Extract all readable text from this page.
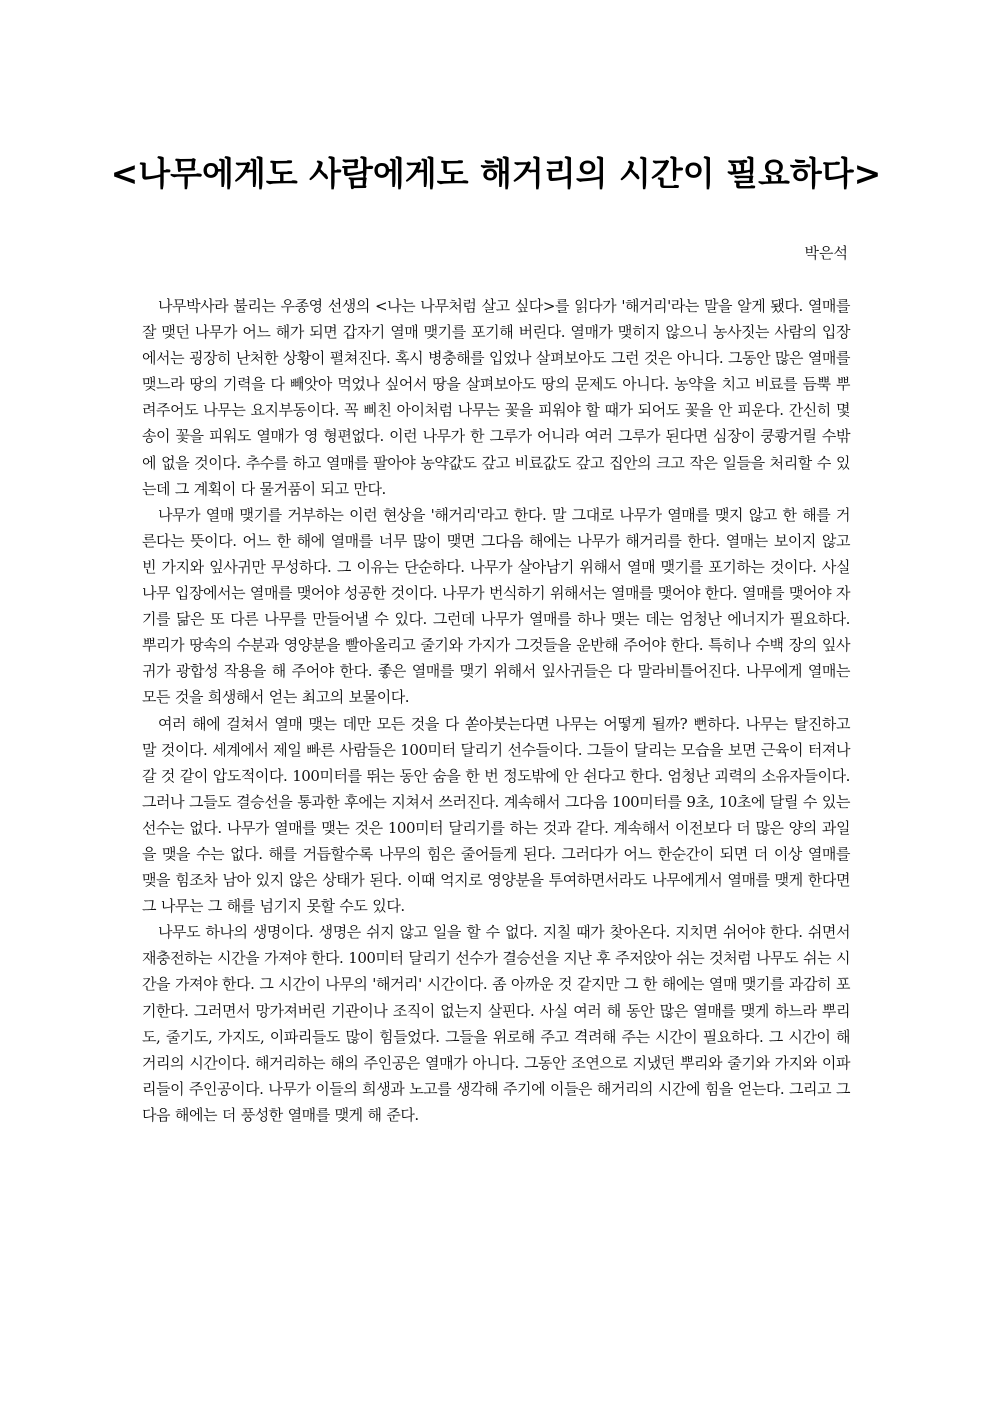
<나무에게도 사람에게도 해거리의 시간이 필요하다>
박은석

나무박사라 불리는 우종영 선생의 <나는 나무처럼 살고 싶다>를 읽다가 '해거리'라는 말을 알게 됐다. 열매를 잘 맺던 나무가 어느 해가 되면 갑자기 열매 맺기를 포기해 버린다. 열매가 맺히지 않으니 농사짓는 사람의 입장에서는 굉장히 난처한 상황이 펼쳐진다. 혹시 병충해를 입었나 살펴보아도 그런 것은 아니다. 그동안 많은 열매를 맺느라 땅의 기력을 다 빼앗아 먹었나 싶어서 땅을 살펴보아도 땅의 문제도 아니다. 농약을 치고 비료를 듬뿍 뿌려주어도 나무는 요지부동이다. 꼭 삐친 아이처럼 나무는 꽃을 피워야 할 때가 되어도 꽃을 안 피운다. 간신히 몇 송이 꽃을 피워도 열매가 영 형편없다. 이런 나무가 한 그루가 어니라 여러 그루가 된다면 심장이 쿵쾅거릴 수밖에 없을 것이다. 추수를 하고 열매를 팔아야 농약값도 갚고 비료값도 갚고 집안의 크고 작은 일들을 처리할 수 있는데 그 계획이 다 물거품이 되고 만다.

나무가 열매 맺기를 거부하는 이런 현상을 '해거리'라고 한다. 말 그대로 나무가 열매를 맺지 않고 한 해를 거른다는 뜻이다. 어느 한 해에 열매를 너무 많이 맺면 그다음 해에는 나무가 해거리를 한다. 열매는 보이지 않고 빈 가지와 잎사귀만 무성하다. 그 이유는 단순하다. 나무가 살아남기 위해서 열매 맺기를 포기하는 것이다. 사실 나무 입장에서는 열매를 맺어야 성공한 것이다. 나무가 번식하기 위해서는 열매를 맺어야 한다. 열매를 맺어야 자기를 닮은 또 다른 나무를 만들어낼 수 있다. 그런데 나무가 열매를 하나 맺는 데는 엄청난 에너지가 필요하다. 뿌리가 땅속의 수분과 영양분을 빨아올리고 줄기와 가지가 그것들을 운반해 주어야 한다. 특히나 수백 장의 잎사귀가 광합성 작용을 해 주어야 한다. 좋은 열매를 맺기 위해서 잎사귀들은 다 말라비틀어진다. 나무에게 열매는 모든 것을 희생해서 얻는 최고의 보물이다.

여러 해에 걸쳐서 열매 맺는 데만 모든 것을 다 쏟아붓는다면 나무는 어떻게 될까? 뻔하다. 나무는 탈진하고 말 것이다. 세계에서 제일 빠른 사람들은 100미터 달리기 선수들이다. 그들이 달리는 모습을 보면 근육이 터져나갈 것 같이 압도적이다. 100미터를 뛰는 동안 숨을 한 번 정도밖에 안 쉰다고 한다. 엄청난 괴력의 소유자들이다. 그러나 그들도 결승선을 통과한 후에는 지쳐서 쓰러진다. 계속해서 그다음 100미터를 9초, 10초에 달릴 수 있는 선수는 없다. 나무가 열매를 맺는 것은 100미터 달리기를 하는 것과 같다. 계속해서 이전보다 더 많은 양의 과일을 맺을 수는 없다. 해를 거듭할수록 나무의 힘은 줄어들게 된다. 그러다가 어느 한순간이 되면 더 이상 열매를 맺을 힘조차 남아 있지 않은 상태가 된다. 이때 억지로 영양분을 투여하면서라도 나무에게서 열매를 맺게 한다면 그 나무는 그 해를 넘기지 못할 수도 있다.

나무도 하나의 생명이다. 생명은 쉬지 않고 일을 할 수 없다. 지칠 때가 찾아온다. 지치면 쉬어야 한다. 쉬면서 재충전하는 시간을 가져야 한다. 100미터 달리기 선수가 결승선을 지난 후 주저앉아 쉬는 것처럼 나무도 쉬는 시간을 가져야 한다. 그 시간이 나무의 '해거리' 시간이다. 좀 아까운 것 같지만 그 한 해에는 열매 맺기를 과감히 포기한다. 그러면서 망가져버린 기관이나 조직이 없는지 살핀다. 사실 여러 해 동안 많은 열매를 맺게 하느라 뿌리도, 줄기도, 가지도, 이파리들도 많이 힘들었다. 그들을 위로해 주고 격려해 주는 시간이 필요하다. 그 시간이 해거리의 시간이다. 해거리하는 해의 주인공은 열매가 아니다. 그동안 조연으로 지냈던 뿌리와 줄기와 가지와 이파리들이 주인공이다. 나무가 이들의 희생과 노고를 생각해 주기에 이들은 해거리의 시간에 힘을 얻는다. 그리고 그다음 해에는 더 풍성한 열매를 맺게 해 준다.
